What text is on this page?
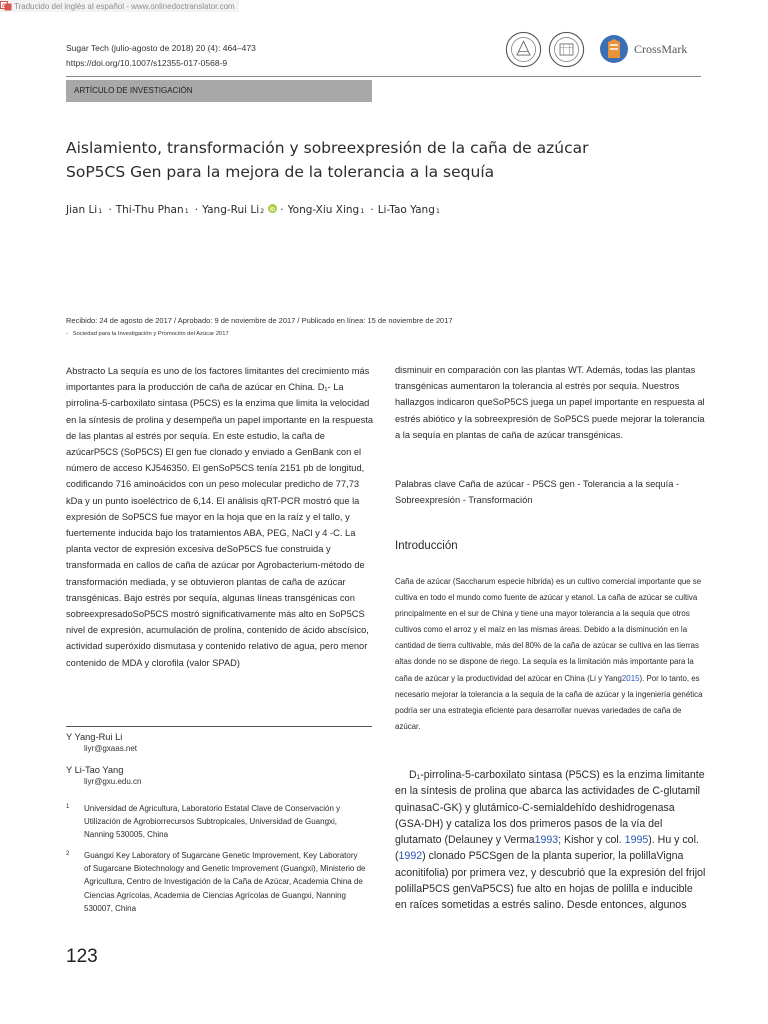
A Traducido del inglés al español - www.onlinedoctranslator.com
Sugar Tech (julio-agosto de 2018) 20 (4): 464–473
https://doi.org/10.1007/s12355-017-0568-9
CrossMark
ARTÍCULO DE INVESTIGACIÓN
Aislamiento, transformación y sobreexpresión de la caña de azúcar
SoP5CS Gen para la mejora de la tolerancia a la sequía
Jian Li 1 · Thi-Thu Phan 1 · Yang-Rui Li 2 · Yong-Xiu Xing 1 · Li-Tao Yang 1
Recibido: 24 de agosto de 2017 / Aprobado: 9 de noviembre de 2017 / Publicado en línea: 15 de noviembre de 2017
-   Sociedad para la Investigación y Promoción del Azúcar 2017
Abstracto La sequía es uno de los factores limitantes del crecimiento más importantes para la producción de caña de azúcar en China. D₁- La pirrolina-5-carboxilato sintasa (P5CS) es la enzima que limita la velocidad en la síntesis de prolina y desempeña un papel importante en la respuesta de las plantas al estrés por sequía. En este estudio, la caña de azúcarP5CS (SoP5CS) El gen fue clonado y enviado a GenBank con el número de acceso KJ546350. El genSoP5CS tenía 2151 pb de longitud, codificando 716 aminoácidos con un peso molecular predicho de 77,73 kDa y un punto isoeléctrico de 6,14. El análisis qRT-PCR mostró que la expresión de SoP5CS fue mayor en la hoja que en la raíz y el tallo, y fuertemente inducida bajo los tratamientos ABA, PEG, NaCl y 4 -C. La planta vector de expresión excesiva deSoP5CS fue construida y transformada en callos de caña de azúcar por Agrobacterium-método de transformación mediada, y se obtuvieron plantas de caña de azúcar transgénicas. Bajo estrés por sequía, algunas líneas transgénicas con sobreexpresadoSoP5CS mostró significativamente más alto en SoP5CS nivel de expresión, acumulación de prolina, contenido de ácido abscísico, actividad superóxido dismutasa y contenido relativo de agua, pero menor contenido de MDA y clorofila (valor SPAD)
disminuir en comparación con las plantas WT. Además, todas las plantas transgénicas aumentaron la tolerancia al estrés por sequía. Nuestros hallazgos indicaron queSoP5CS juega un papel importante en respuesta al estrés abiótico y la sobreexpresión de SoP5CS puede mejorar la tolerancia a la sequía en plantas de caña de azúcar transgénicas.
Palabras clave Caña de azúcar - P5CS gen - Tolerancia a la sequía - Sobreexpresión - Transformación
Introducción
Caña de azúcar (Saccharum especie híbrida) es un cultivo comercial importante que se cultiva en todo el mundo como fuente de azúcar y etanol. La caña de azúcar se cultiva principalmente en el sur de China y tiene una mayor tolerancia a la sequía que otros cultivos como el arroz y el maíz en las mismas áreas. Debido a la disminución en la cantidad de tierra cultivable, más del 80% de la caña de azúcar se cultiva en las tierras altas donde no se dispone de riego. La sequía es la limitación más importante para la caña de azúcar y la productividad del azúcar en China (Li y Yang2015). Por lo tanto, es necesario mejorar la tolerancia a la sequía de la caña de azúcar y la ingeniería genética podría ser una estrategia eficiente para desarrollar nuevas variedades de caña de azúcar.
D₁-pirrolina-5-carboxilato sintasa (P5CS) es la enzima limitante en la síntesis de prolina que abarca las actividades de C-glutamil quinasaC-GK) y glutámico-C-semialdehído deshidrogenasa (GSA-DH) y cataliza los dos primeros pasos de la vía del glutamato (Delauney y Verma1993; Kishor y col. 1995). Hu y col. (1992) clonado P5CSgen de la planta superior, la polillaVigna aconitifolia) por primera vez, y descubrió que la expresión del frijol polillaP5CS genVaP5CS) fue alto en hojas de polilla e inducible en raíces sometidas a estrés salino. Desde entonces, algunos
Y Yang-Rui Li
liyr@gxaas.net
Y Li-Tao Yang
liyr@gxu.edu.cn
1	Universidad de Agricultura, Laboratorio Estatal Clave de Conservación y Utilización de Agrobiorrecursos Subtropicales, Universidad de Guangxi, Nanning 530005, China
2	Guangxi Key Laboratory of Sugarcane Genetic Improvement, Key Laboratory of Sugarcane Biotechnology and Genetic Improvement (Guangxi), Ministerio de Agricultura, Centro de Investigación de la Caña de Azúcar, Academia China de Ciencias Agrícolas, Academia de Ciencias Agrícolas de Guangxi, Nanning 530007, China
123
